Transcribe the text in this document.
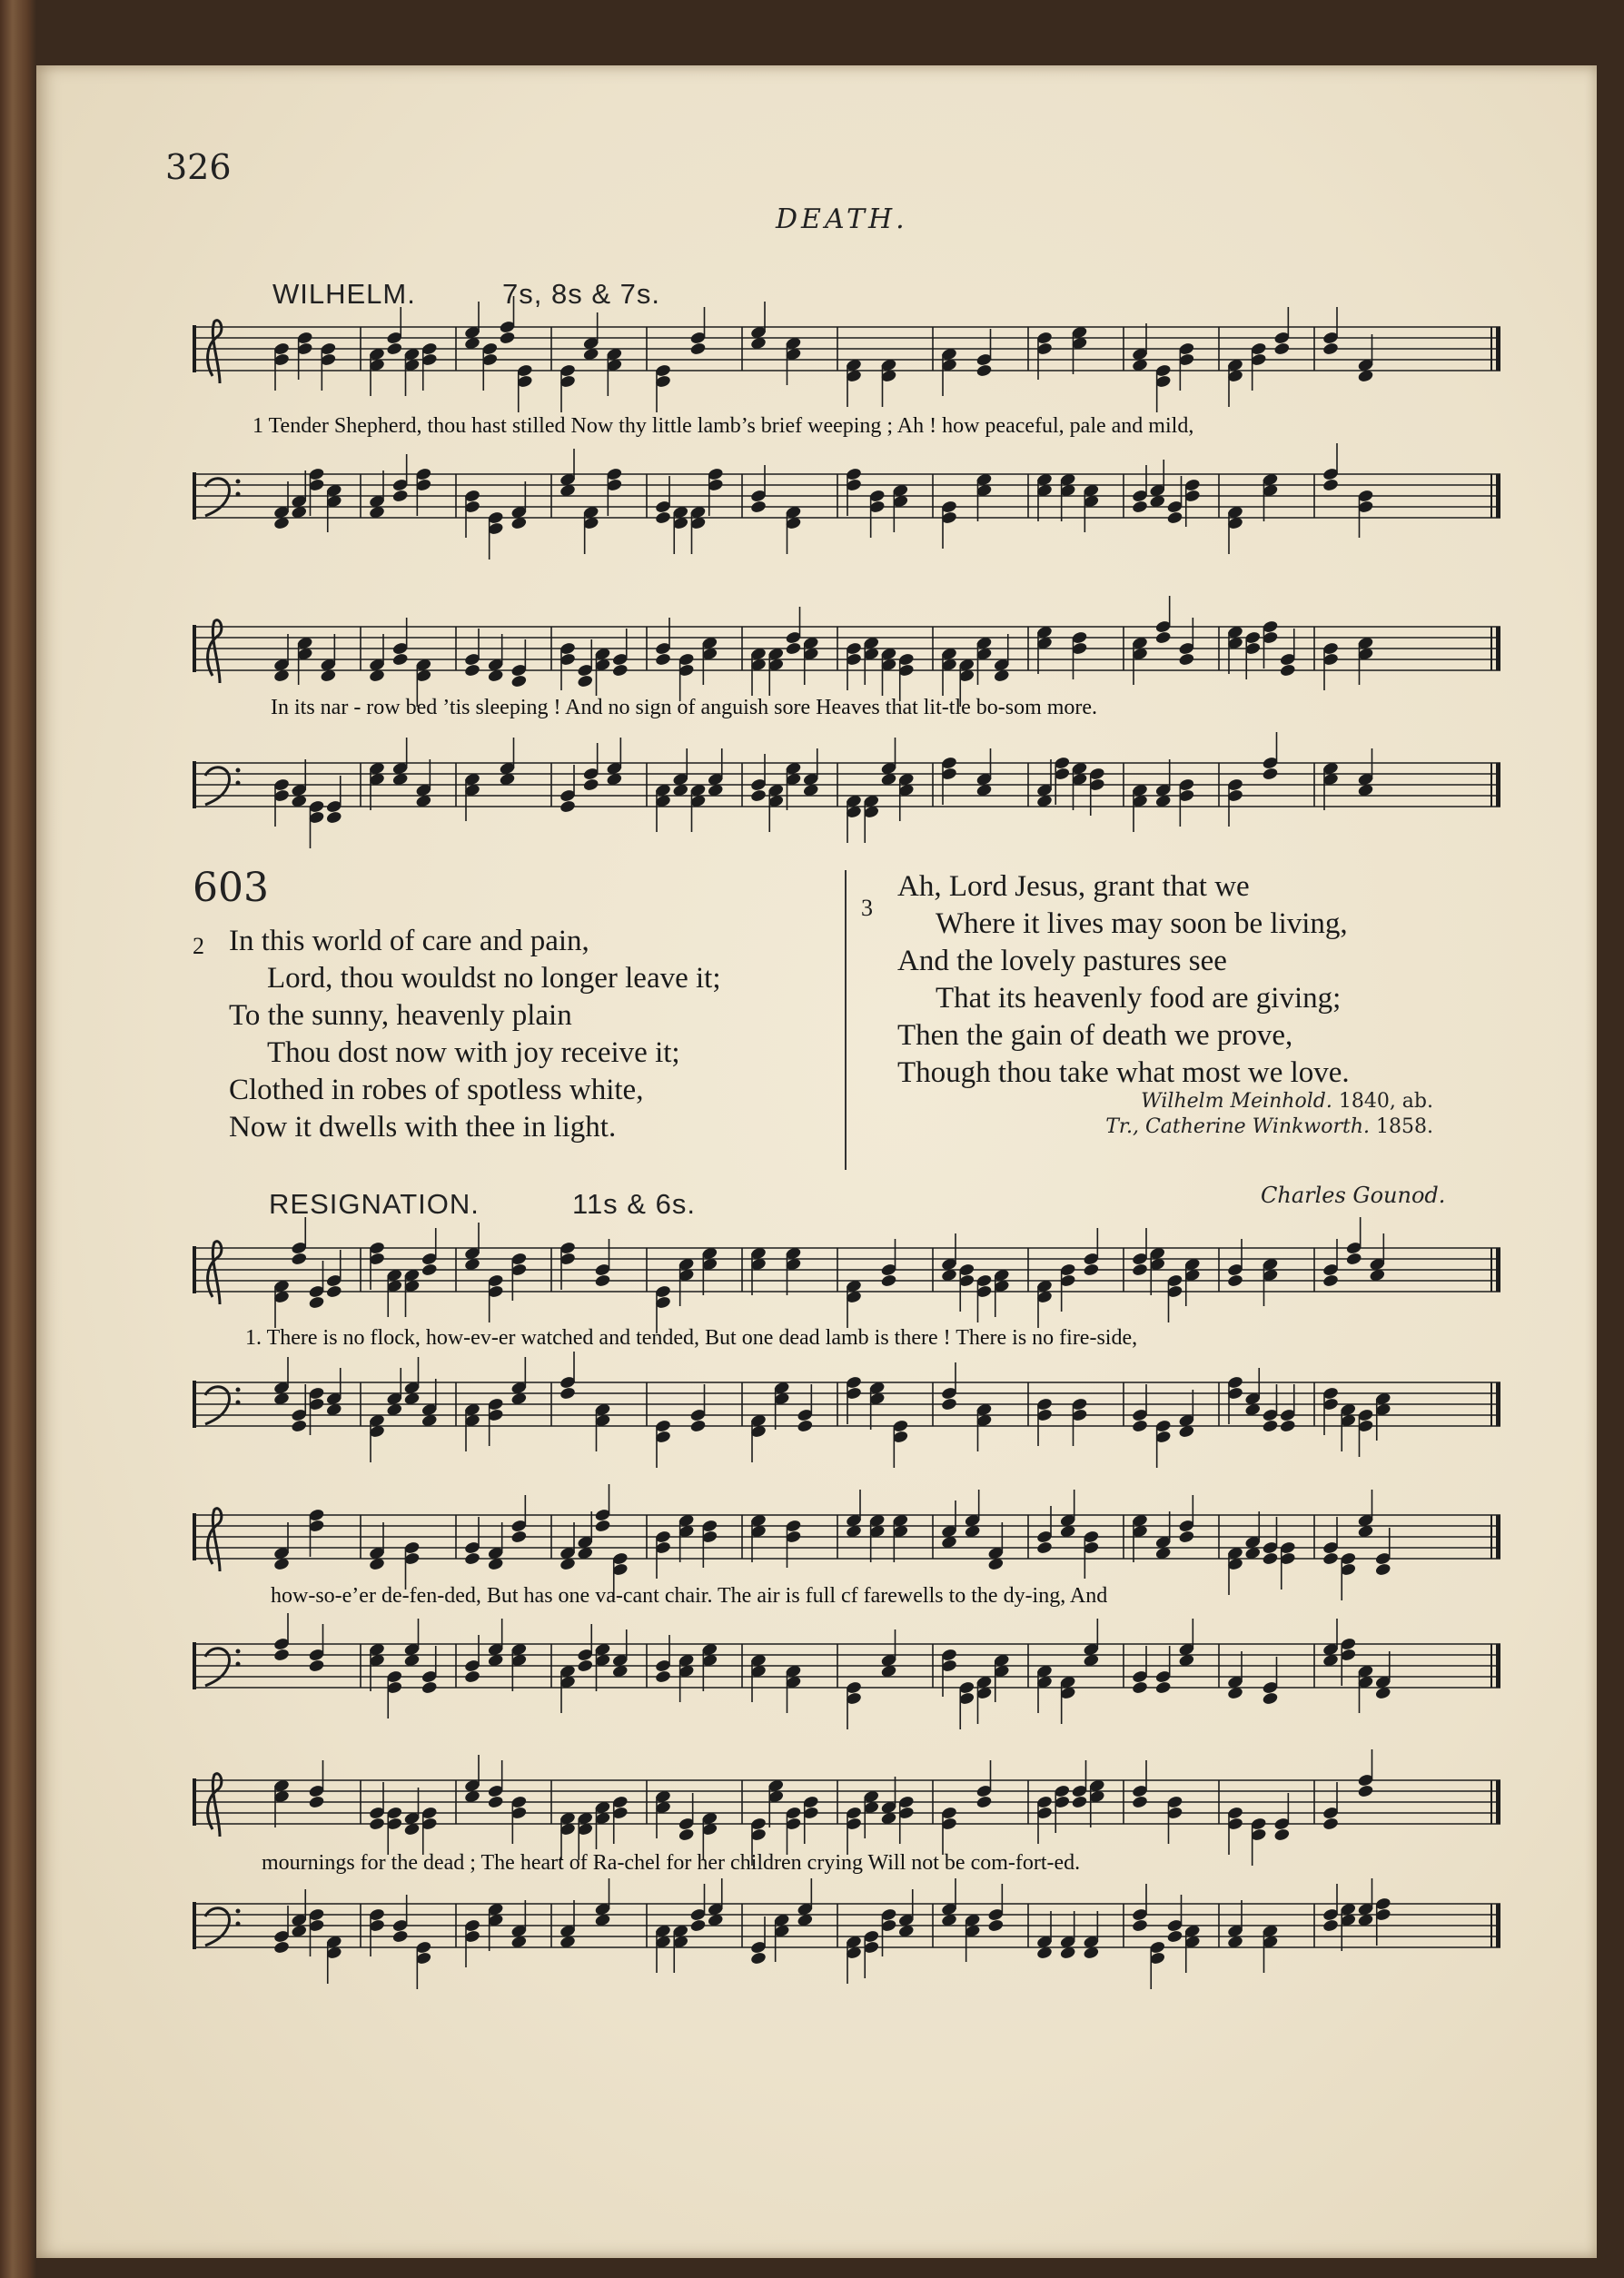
326
DEATH.
WILHELM.	7s, 8s & 7s.
1 Tender Shepherd, thou hast stilled Now thy little lamb’s brief weeping ; Ah ! how peaceful, pale and mild,
In its nar - row bed ’tis sleeping ! And no sign of anguish sore Heaves that lit-tle bo-som more.
603
2 In this world of care and pain,
Lord, thou wouldst no longer leave it;
To the sunny, heavenly plain
Thou dost now with joy receive it;
Clothed in robes of spotless white,
Now it dwells with thee in light.
3
Ah, Lord Jesus, grant that we
Where it lives may soon be living,
And the lovely pastures see
That its heavenly food are giving;
Then the gain of death we prove,
Though thou take what most we love.
Wilhelm Meinhold. 1840, ab.
Tr., Catherine Winkworth. 1858.
RESIGNATION.	11s & 6s.	Charles Gounod.
1. There is no flock, how-ev-er watched and tended, But one dead lamb is there ! There is no fire-side,
how-so-e’er de-fen-ded, But has one va-cant chair. The air is full cf farewells to the dy-ing, And
mournings for the dead ; The heart of Ra-chel for her children crying Will not be com-fort-ed.
